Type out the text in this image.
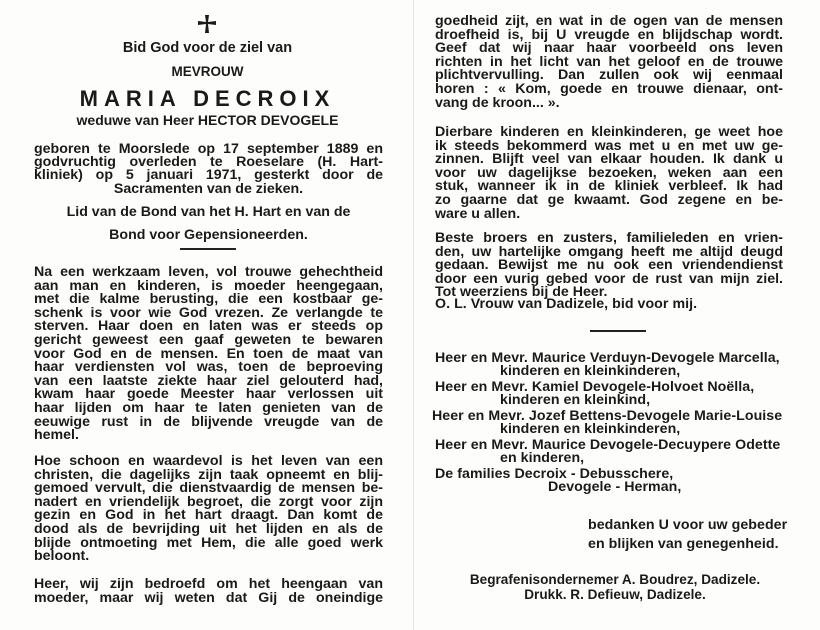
Bid God voor de ziel van
MEVROUW
MARIA DECROIX
weduwe van Heer HECTOR DEVOGELE
geboren te Moorslede op 17 september 1889 en
godvruchtig overleden te Roeselare (H. Hart-
kliniek) op 5 januari 1971, gesterkt door de
Sacramenten van de zieken.
Lid van de Bond van het H. Hart en van de
Bond voor Gepensioneerden.
Na een werkzaam leven, vol trouwe gehechtheid
aan man en kinderen, is moeder heengegaan,
met die kalme berusting, die een kostbaar ge-
schenk is voor wie God vrezen. Ze verlangde te
sterven. Haar doen en laten was er steeds op
gericht geweest een gaaf geweten te bewaren
voor God en de mensen. En toen de maat van
haar verdiensten vol was, toen de beproeving
van een laatste ziekte haar ziel gelouterd had,
kwam haar goede Meester haar verlossen uit
haar lijden om haar te laten genieten van de
eeuwige rust in de blijvende vreugde van de
hemel.
Hoe schoon en waardevol is het leven van een
christen, die dagelijks zijn taak opneemt en blij-
gemoed vervult, die dienstvaardig de mensen be-
nadert en vriendelijk begroet, die zorgt voor zijn
gezin en God in het hart draagt. Dan komt de
dood als de bevrijding uit het lijden en als de
blijde ontmoeting met Hem, die alle goed werk
beloont.
Heer, wij zijn bedroefd om het heengaan van
moeder, maar wij weten dat Gij de oneindige
goedheid zijt, en wat in de ogen van de mensen
droefheid is, bij U vreugde en blijdschap wordt.
Geef dat wij naar haar voorbeeld ons leven
richten in het licht van het geloof en de trouwe
plichtvervulling. Dan zullen ook wij eenmaal
horen : « Kom, goede en trouwe dienaar, ont-
vang de kroon... ».
Dierbare kinderen en kleinkinderen, ge weet hoe
ik steeds bekommerd was met u en met uw ge-
zinnen. Blijft veel van elkaar houden. Ik dank u
voor uw dagelijkse bezoeken, weken aan een
stuk, wanneer ik in de kliniek verbleef. Ik had
zo gaarne dat ge kwaamt. God zegene en be-
ware u allen.
Beste broers en zusters, familieleden en vrien-
den, uw hartelijke omgang heeft me altijd deugd
gedaan. Bewijst me nu ook een vriendendienst
door een vurig gebed voor de rust van mijn ziel.
Tot weerziens bij de Heer.
O. L. Vrouw van Dadizele, bid voor mij.
Heer en Mevr. Maurice Verduyn-Devogele Marcella,
kinderen en kleinkinderen,
Heer en Mevr. Kamiel Devogele-Holvoet Noëlla,
kinderen en kleinkind,
Heer en Mevr. Jozef Bettens-Devogele Marie-Louise
kinderen en kleinkinderen,
Heer en Mevr. Maurice Devogele-Decuypere Odette
en kinderen,
De families Decroix - Debusschere,
Devogele - Herman,
bedanken U voor uw gebeder
en blijken van genegenheid.
Begrafenisondernemer A. Boudrez, Dadizele.
Drukk. R. Defieuw, Dadizele.
